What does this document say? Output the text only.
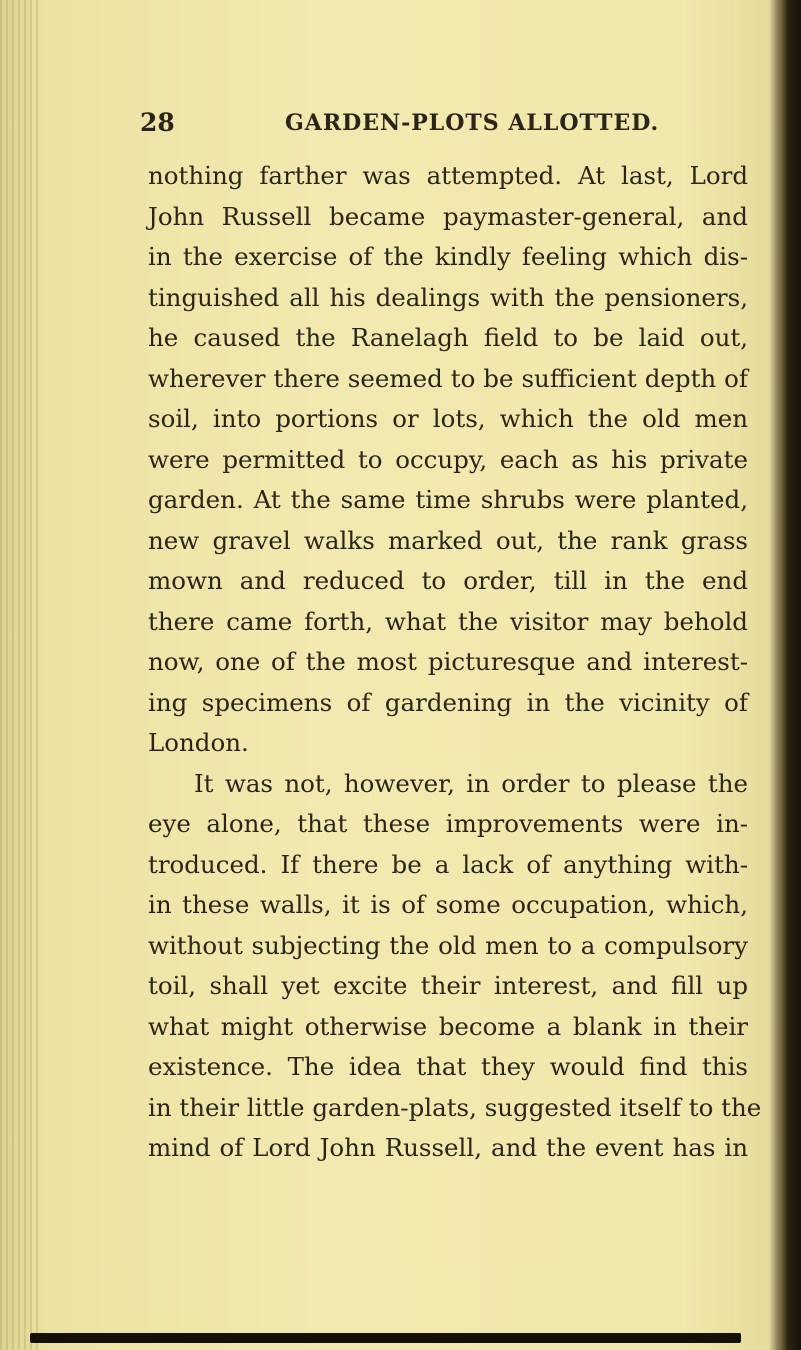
28	GARDEN-PLOTS ALLOTTED.
nothing farther was attempted. At last, Lord
John Russell became paymaster-general, and
in the exercise of the kindly feeling which dis-
tinguished all his dealings with the pensioners,
he caused the Ranelagh field to be laid out,
wherever there seemed to be sufficient depth of
soil, into portions or lots, which the old men
were permitted to occupy, each as his private
garden. At the same time shrubs were planted,
new gravel walks marked out, the rank grass
mown and reduced to order, till in the end
there came forth, what the visitor may behold
now, one of the most picturesque and interest-
ing specimens of gardening in the vicinity of
London.
It was not, however, in order to please the
eye alone, that these improvements were in-
troduced. If there be a lack of anything with-
in these walls, it is of some occupation, which,
without subjecting the old men to a compulsory
toil, shall yet excite their interest, and fill up
what might otherwise become a blank in their
existence. The idea that they would find this
in their little garden-plats, suggested itself to the
mind of Lord John Russell, and the event has in
